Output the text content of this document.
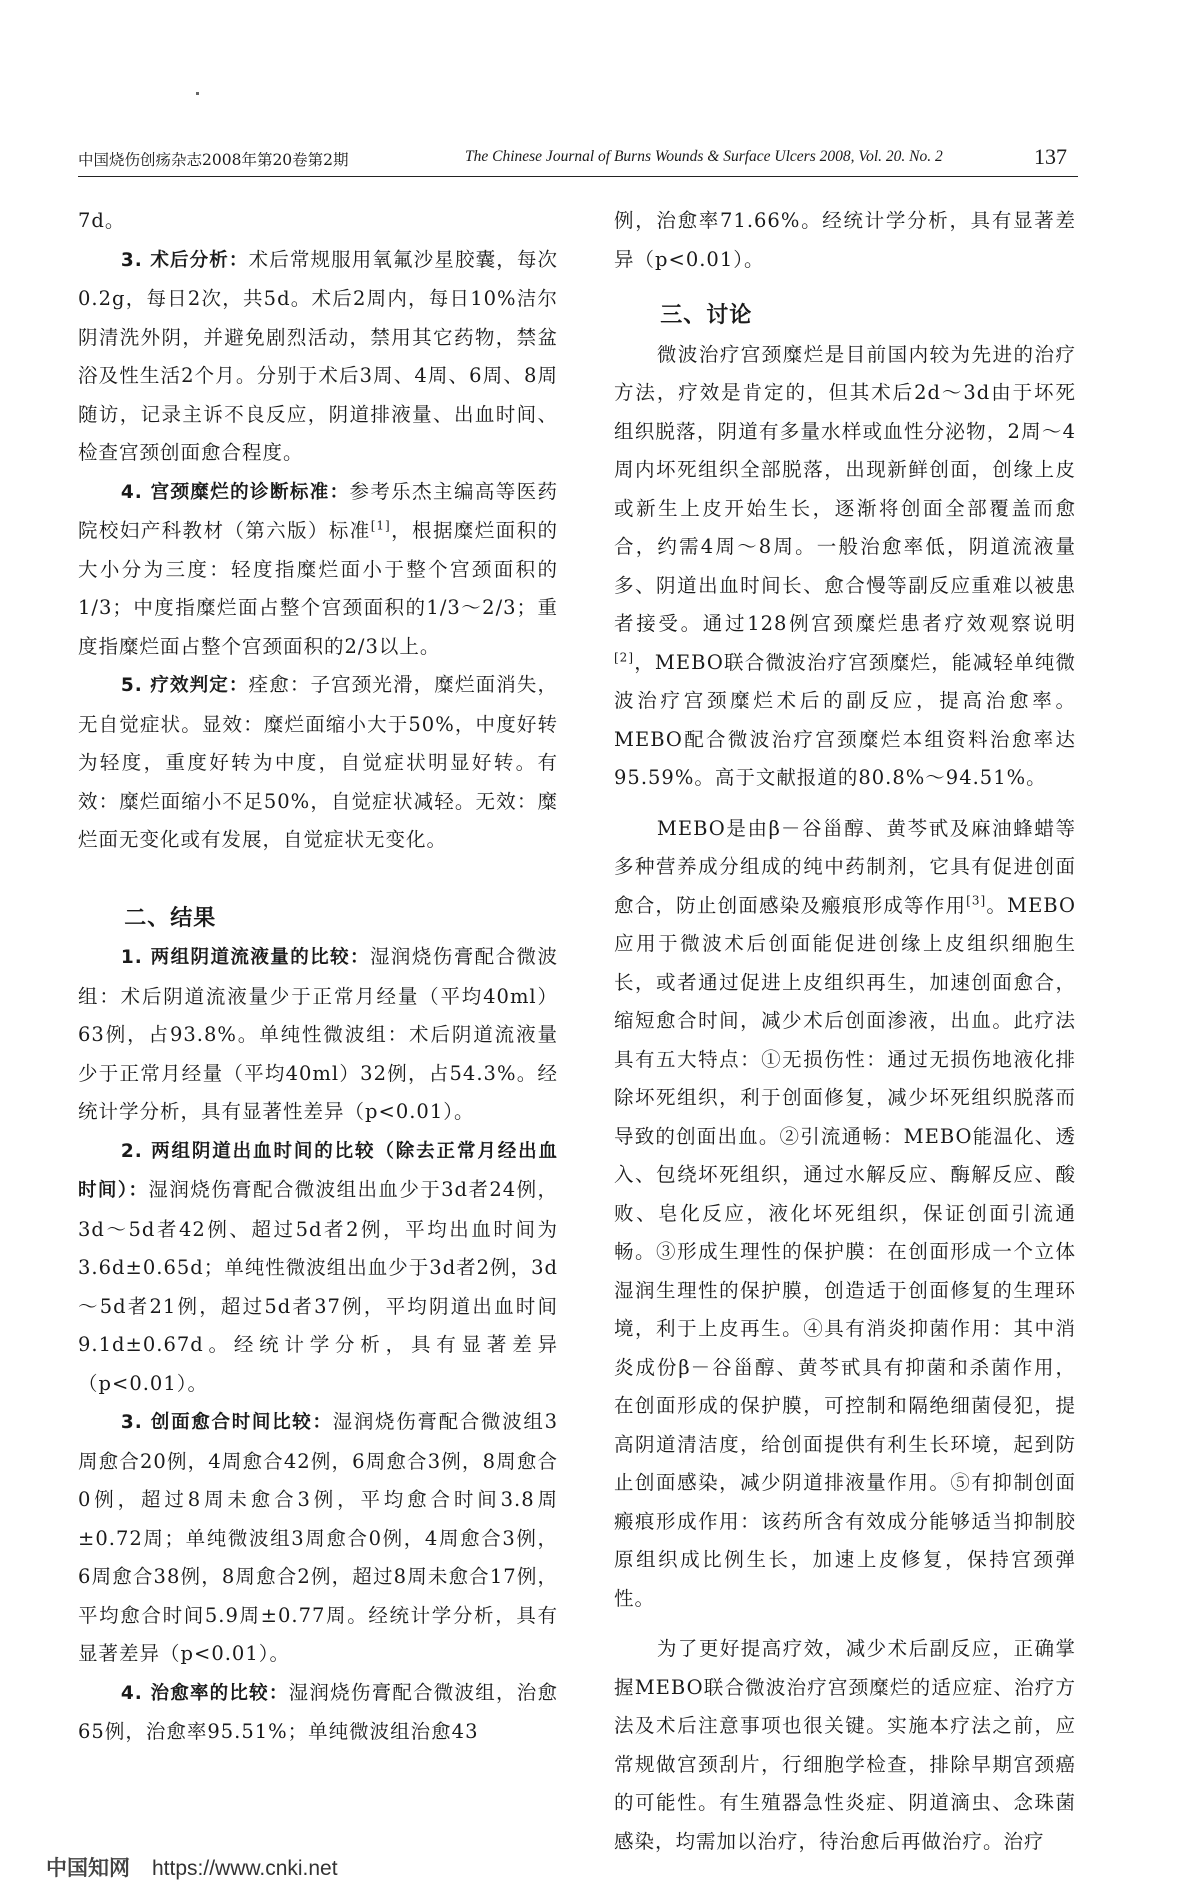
中国烧伤创疡杂志2008年第20卷第2期	The Chinese Journal of Burns Wounds & Surface Ulcers 2008, Vol. 20. No. 2	137

7d。

3. 术后分析：术后常规服用氧氟沙星胶囊，每次0.2g，每日2次，共5d。术后2周内，每日10%洁尔阴清洗外阴，并避免剧烈活动，禁用其它药物，禁盆浴及性生活2个月。分别于术后3周、4周、6周、8周随访，记录主诉不良反应，阴道排液量、出血时间、检查宫颈创面愈合程度。

4. 宫颈糜烂的诊断标准：参考乐杰主编高等医药院校妇产科教材（第六版）标准[1]，根据糜烂面积的大小分为三度：轻度指糜烂面小于整个宫颈面积的1/3；中度指糜烂面占整个宫颈面积的1/3～2/3；重度指糜烂面占整个宫颈面积的2/3以上。

5. 疗效判定：痊愈：子宫颈光滑，糜烂面消失，无自觉症状。显效：糜烂面缩小大于50%，中度好转为轻度，重度好转为中度，自觉症状明显好转。有效：糜烂面缩小不足50%，自觉症状减轻。无效：糜烂面无变化或有发展，自觉症状无变化。

二、结果

1. 两组阴道流液量的比较：湿润烧伤膏配合微波组：术后阴道流液量少于正常月经量（平均40ml）63例，占93.8%。单纯性微波组：术后阴道流液量少于正常月经量（平均40ml）32例，占54.3%。经统计学分析，具有显著性差异（p<0.01）。

2. 两组阴道出血时间的比较（除去正常月经出血时间）：湿润烧伤膏配合微波组出血少于3d者24例，3d～5d者42例、超过5d者2例，平均出血时间为3.6d±0.65d；单纯性微波组出血少于3d者2例，3d～5d者21例，超过5d者37例，平均阴道出血时间9.1d±0.67d。经统计学分析，具有显著差异（p<0.01）。

3. 创面愈合时间比较：湿润烧伤膏配合微波组3周愈合20例，4周愈合42例，6周愈合3例，8周愈合0例，超过8周未愈合3例，平均愈合时间3.8周±0.72周；单纯微波组3周愈合0例，4周愈合3例，6周愈合38例，8周愈合2例，超过8周未愈合17例，平均愈合时间5.9周±0.77周。经统计学分析，具有显著差异（p<0.01）。

4. 治愈率的比较：湿润烧伤膏配合微波组，治愈65例，治愈率95.51%；单纯微波组治愈43

例，治愈率71.66%。经统计学分析，具有显著差异（p<0.01）。

三、讨论

微波治疗宫颈糜烂是目前国内较为先进的治疗方法，疗效是肯定的，但其术后2d～3d由于坏死组织脱落，阴道有多量水样或血性分泌物，2周～4周内坏死组织全部脱落，出现新鲜创面，创缘上皮或新生上皮开始生长，逐渐将创面全部覆盖而愈合，约需4周～8周。一般治愈率低，阴道流液量多、阴道出血时间长、愈合慢等副反应重难以被患者接受。通过128例宫颈糜烂患者疗效观察说明[2]，MEBO联合微波治疗宫颈糜烂，能减轻单纯微波治疗宫颈糜烂术后的副反应，提高治愈率。MEBO配合微波治疗宫颈糜烂本组资料治愈率达95.59%。高于文献报道的80.8%～94.51%。

MEBO是由β－谷甾醇、黄芩甙及麻油蜂蜡等多种营养成分组成的纯中药制剂，它具有促进创面愈合，防止创面感染及瘢痕形成等作用[3]。MEBO应用于微波术后创面能促进创缘上皮组织细胞生长，或者通过促进上皮组织再生，加速创面愈合，缩短愈合时间，减少术后创面渗液，出血。此疗法具有五大特点：①无损伤性：通过无损伤地液化排除坏死组织，利于创面修复，减少坏死组织脱落而导致的创面出血。②引流通畅：MEBO能温化、透入、包绕坏死组织，通过水解反应、酶解反应、酸败、皂化反应，液化坏死组织，保证创面引流通畅。③形成生理性的保护膜：在创面形成一个立体湿润生理性的保护膜，创造适于创面修复的生理环境，利于上皮再生。④具有消炎抑菌作用：其中消炎成份β－谷甾醇、黄芩甙具有抑菌和杀菌作用，在创面形成的保护膜，可控制和隔绝细菌侵犯，提高阴道清洁度，给创面提供有利生长环境，起到防止创面感染，减少阴道排液量作用。⑤有抑制创面瘢痕形成作用：该药所含有效成分能够适当抑制胶原组织成比例生长，加速上皮修复，保持宫颈弹性。

为了更好提高疗效，减少术后副反应，正确掌握MEBO联合微波治疗宫颈糜烂的适应症、治疗方法及术后注意事项也很关键。实施本疗法之前，应常规做宫颈刮片，行细胞学检查，排除早期宫颈癌的可能性。有生殖器急性炎症、阴道滴虫、念珠菌感染，均需加以治疗，待治愈后再做治疗。治疗

中国知网 https://www.cnki.net
